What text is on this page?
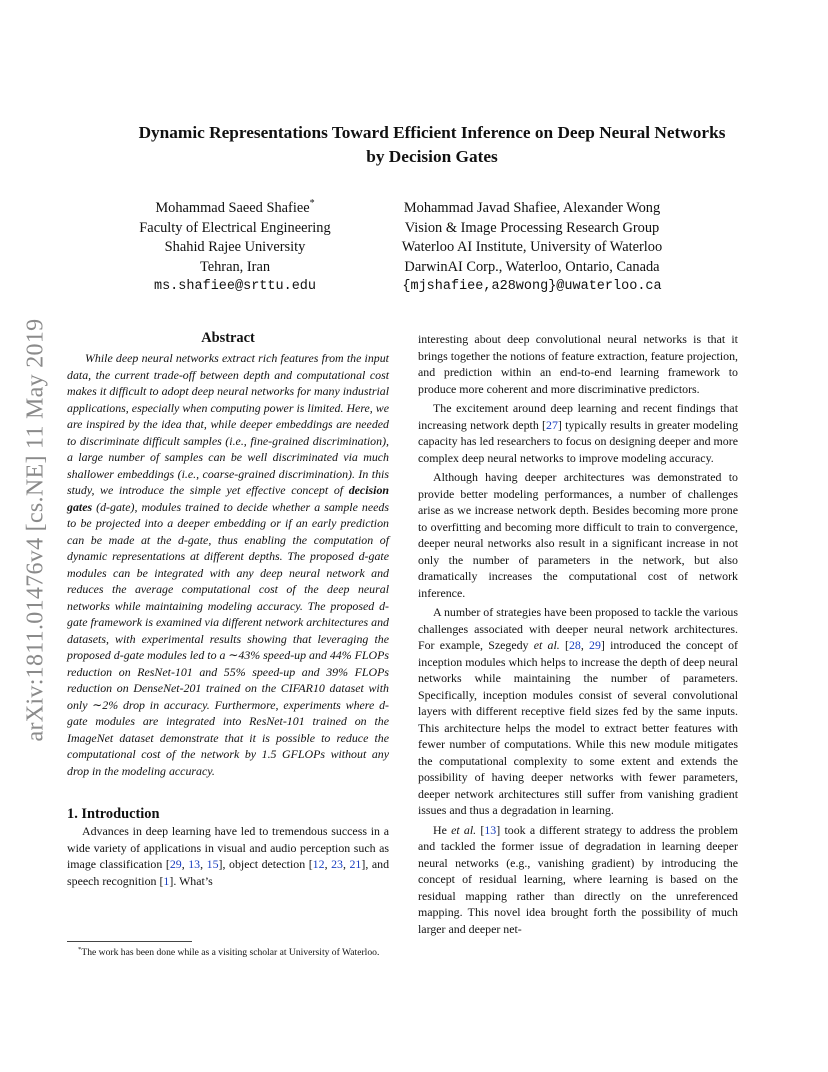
arXiv:1811.01476v4 [cs.NE] 11 May 2019
Dynamic Representations Toward Efficient Inference on Deep Neural Networks
by Decision Gates
Mohammad Saeed Shafiee*
Faculty of Electrical Engineering
Shahid Rajee University
Tehran, Iran
ms.shafiee@srttu.edu
Mohammad Javad Shafiee, Alexander Wong
Vision & Image Processing Research Group
Waterloo AI Institute, University of Waterloo
DarwinAI Corp., Waterloo, Ontario, Canada
{mjshafiee,a28wong}@uwaterloo.ca
Abstract

While deep neural networks extract rich features from the input data, the current trade-off between depth and computational cost makes it difficult to adopt deep neural networks for many industrial applications, especially when computing power is limited. Here, we are inspired by the idea that, while deeper embeddings are needed to discriminate difficult samples (i.e., fine-grained discrimination), a large number of samples can be well discriminated via much shallower embeddings (i.e., coarse-grained discrimination). In this study, we introduce the simple yet effective concept of decision gates (d-gate), modules trained to decide whether a sample needs to be projected into a deeper embedding or if an early prediction can be made at the d-gate, thus enabling the computation of dynamic representations at different depths. The proposed d-gate modules can be integrated with any deep neural network and reduces the average computational cost of the deep neural networks while maintaining modeling accuracy. The proposed d-gate framework is examined via different network architectures and datasets, with experimental results showing that leveraging the proposed d-gate modules led to a ∼43% speed-up and 44% FLOPs reduction on ResNet-101 and 55% speed-up and 39% FLOPs reduction on DenseNet-201 trained on the CIFAR10 dataset with only ∼2% drop in accuracy. Furthermore, experiments where d-gate modules are integrated into ResNet-101 trained on the ImageNet dataset demonstrate that it is possible to reduce the computational cost of the network by 1.5 GFLOPs without any drop in the modeling accuracy.

1. Introduction

Advances in deep learning have led to tremendous success in a wide variety of applications in visual and audio perception such as image classification [29, 13, 15], object detection [12, 23, 21], and speech recognition [1]. What’s

*The work has been done while as a visiting scholar at University of Waterloo.

interesting about deep convolutional neural networks is that it brings together the notions of feature extraction, feature projection, and prediction within an end-to-end learning framework to produce more coherent and more discriminative predictors.

The excitement around deep learning and recent findings that increasing network depth [27] typically results in greater modeling capacity has led researchers to focus on designing deeper and more complex deep neural networks to improve modeling accuracy.

Although having deeper architectures was demonstrated to provide better modeling performances, a number of challenges arise as we increase network depth. Besides becoming more prone to overfitting and becoming more difficult to train to convergence, deeper neural networks also result in a significant increase in not only the number of parameters in the network, but also dramatically increases the computational cost of network inference.

A number of strategies have been proposed to tackle the various challenges associated with deeper neural network architectures. For example, Szegedy et al. [28, 29] introduced the concept of inception modules which helps to increase the depth of deep neural networks while maintaining the number of parameters. Specifically, inception modules consist of several convolutional layers with different receptive field sizes fed by the same inputs. This architecture helps the model to extract better features with fewer number of computations. While this new module mitigates the computational complexity to some extent and extends the possibility of having deeper networks with fewer parameters, deeper network architectures still suffer from vanishing gradient issues and thus a degradation in learning.

He et al. [13] took a different strategy to address the problem and tackled the former issue of degradation in learning deeper neural networks (e.g., vanishing gradient) by introducing the concept of residual learning, where learning is based on the residual mapping rather than directly on the unreferenced mapping. This novel idea brought forth the possibility of much larger and deeper net-
